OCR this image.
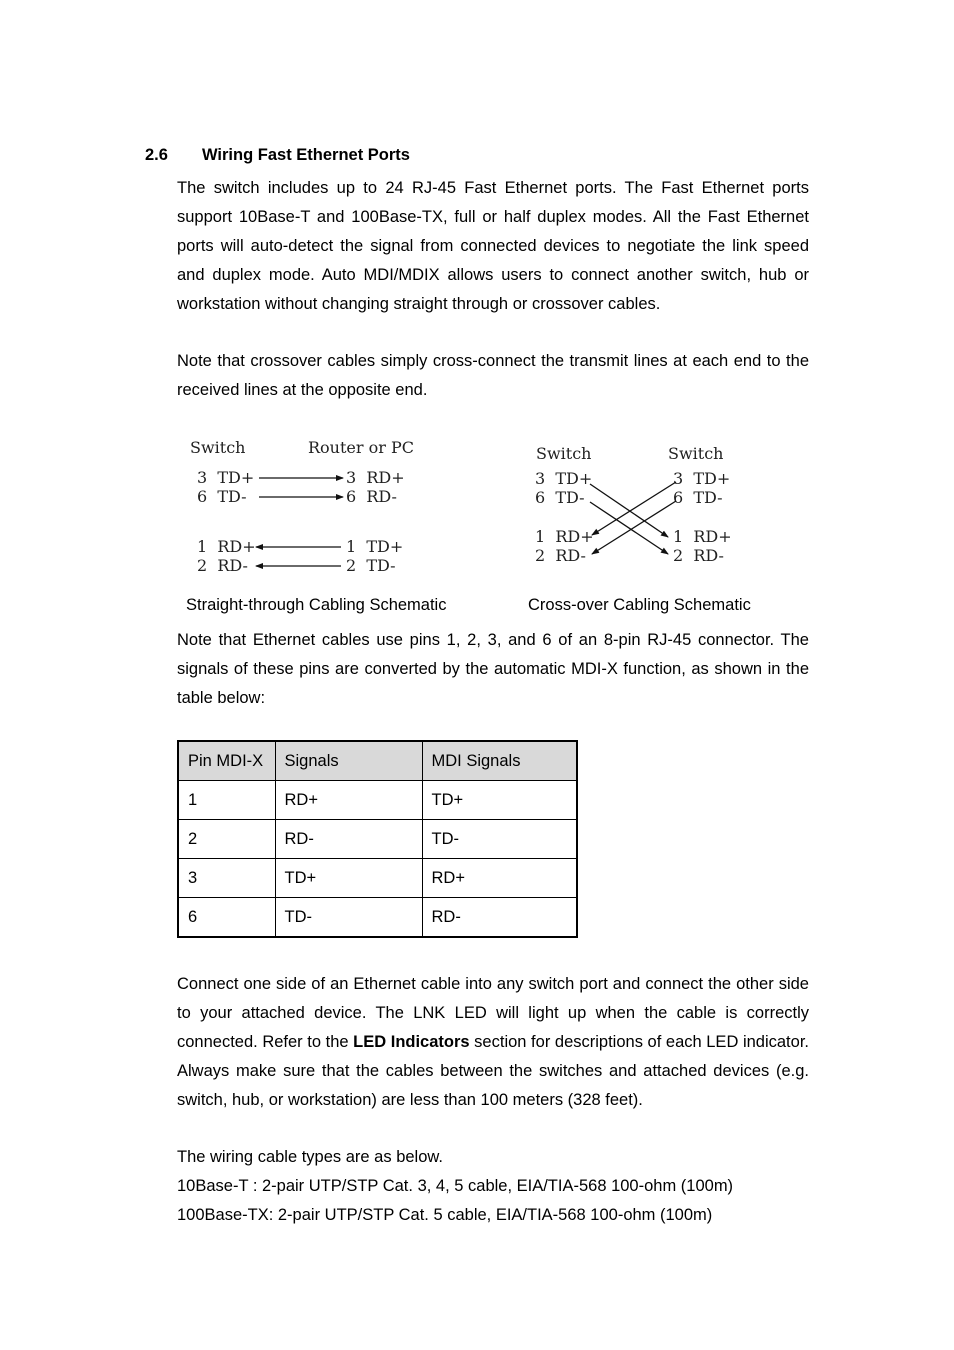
2.6 Wiring Fast Ethernet Ports
The switch includes up to 24 RJ-45 Fast Ethernet ports. The Fast Ethernet ports support 10Base-T and 100Base-TX, full or half duplex modes. All the Fast Ethernet ports will auto-detect the signal from connected devices to negotiate the link speed and duplex mode. Auto MDI/MDIX allows users to connect another switch, hub or workstation without changing straight through or crossover cables.
Note that crossover cables simply cross-connect the transmit lines at each end to the received lines at the opposite end.
Switch	Router or PC
3  TD+
6  TD-
1  RD+
2  RD-
3  RD+
6  RD-
1  TD+
2  TD-
Switch	Switch
3  TD+
6  TD-
1  RD+
2  RD-
3  TD+
6  TD-
1  RD+
2  RD-
Straight-through Cabling Schematic	Cross-over Cabling Schematic
Note that Ethernet cables use pins 1, 2, 3, and 6 of an 8-pin RJ-45 connector. The signals of these pins are converted by the automatic MDI-X function, as shown in the table below:
Pin MDI-X	Signals	MDI Signals
1	RD+	TD+
2	RD-	TD-
3	TD+	RD+
6	TD-	RD-
Connect one side of an Ethernet cable into any switch port and connect the other side to your attached device. The LNK LED will light up when the cable is correctly connected. Refer to the LED Indicators section for descriptions of each LED indicator. Always make sure that the cables between the switches and attached devices (e.g. switch, hub, or workstation) are less than 100 meters (328 feet).
The wiring cable types are as below.
10Base-T : 2-pair UTP/STP Cat. 3, 4, 5 cable, EIA/TIA-568 100-ohm (100m)
100Base-TX: 2-pair UTP/STP Cat. 5 cable, EIA/TIA-568 100-ohm (100m)
